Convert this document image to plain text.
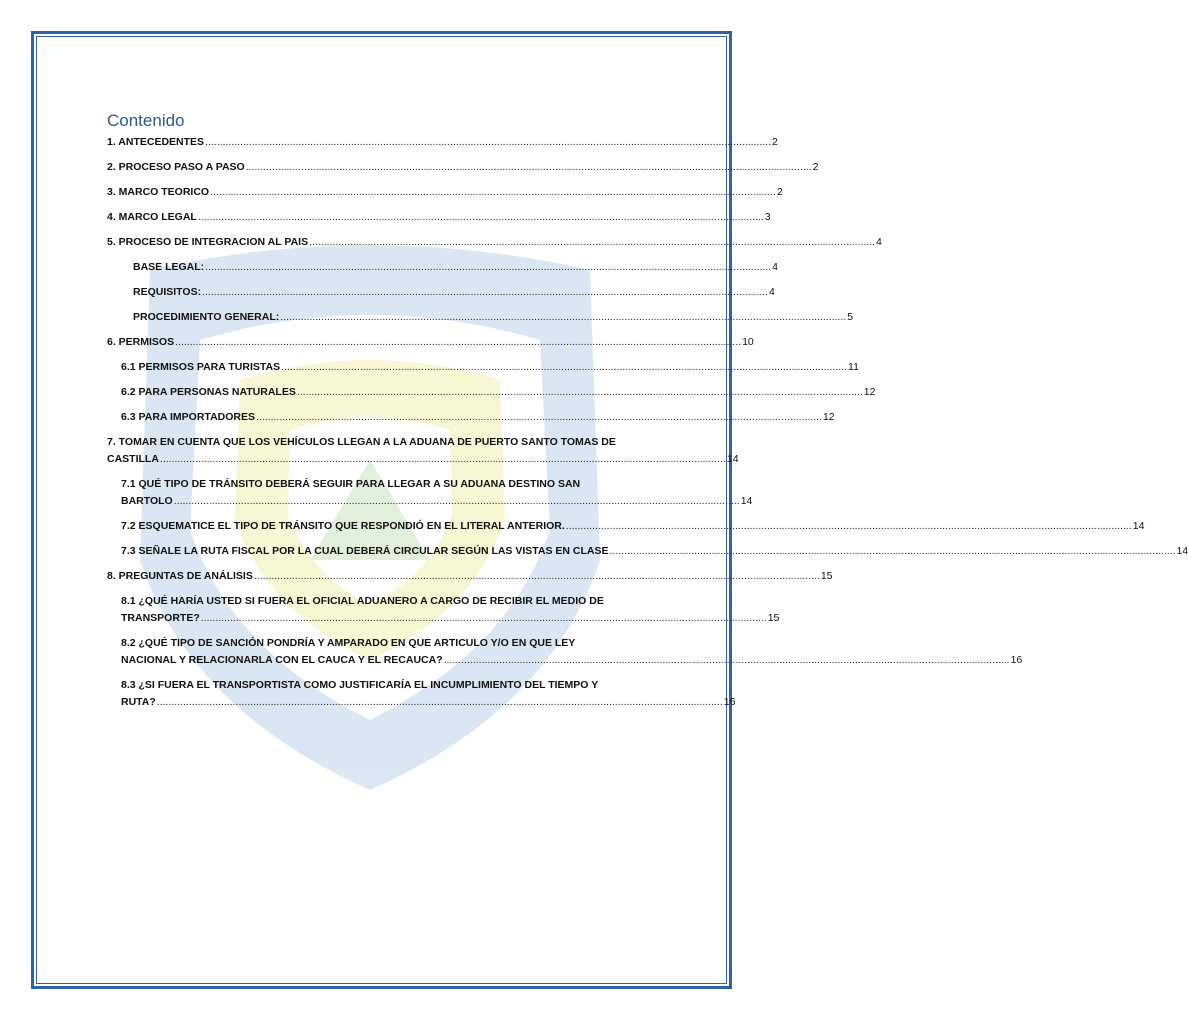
Contenido
1. ANTECEDENTES .................................................................................................................................................................................................. 2
2. PROCESO PASO A PASO .................................................................................................................................................................................................. 2
3. MARCO TEORICO .................................................................................................................................................................................................. 2
4. MARCO LEGAL .................................................................................................................................................................................................. 3
5. PROCESO DE INTEGRACION AL PAIS .................................................................................................................................................................................................. 4
BASE LEGAL: .................................................................................................................................................................................................. 4
REQUISITOS: .................................................................................................................................................................................................. 4
PROCEDIMIENTO GENERAL: .................................................................................................................................................................................................. 5
6. PERMISOS .................................................................................................................................................................................................. 10
6.1 PERMISOS PARA TURISTAS .................................................................................................................................................................................................. 11
6.2 PARA PERSONAS NATURALES .................................................................................................................................................................................................. 12
6.3 PARA IMPORTADORES .................................................................................................................................................................................................. 12
7. TOMAR EN CUENTA QUE LOS VEHÍCULOS LLEGAN A LA ADUANA DE PUERTO SANTO TOMAS DE
CASTILLA .................................................................................................................................................................................................. 14
7.1 QUÉ TIPO DE TRÁNSITO DEBERÁ SEGUIR PARA LLEGAR A SU ADUANA DESTINO SAN
BARTOLO .................................................................................................................................................................................................. 14
7.2 ESQUEMATICE EL TIPO DE TRÁNSITO QUE RESPONDIÓ EN EL LITERAL ANTERIOR. .................................................................................................................................................................................................. 14
7.3 SEÑALE LA RUTA FISCAL POR LA CUAL DEBERÁ CIRCULAR SEGÚN LAS VISTAS EN CLASE .................................................................................................................................................................................................. 14
8. PREGUNTAS DE ANÁLISIS .................................................................................................................................................................................................. 15
8.1 ¿QUÉ HARÍA USTED SI FUERA EL OFICIAL ADUANERO A CARGO DE RECIBIR EL MEDIO DE
TRANSPORTE? .................................................................................................................................................................................................. 15
8.2 ¿QUÉ TIPO DE SANCIÓN PONDRÍA Y AMPARADO EN QUE ARTICULO Y/O EN QUE LEY
NACIONAL Y RELACIONARLA CON EL CAUCA Y EL RECAUCA? .................................................................................................................................................................................................. 16
8.3 ¿SI FUERA EL TRANSPORTISTA COMO JUSTIFICARÍA EL INCUMPLIMIENTO DEL TIEMPO Y
RUTA? .................................................................................................................................................................................................. 16
